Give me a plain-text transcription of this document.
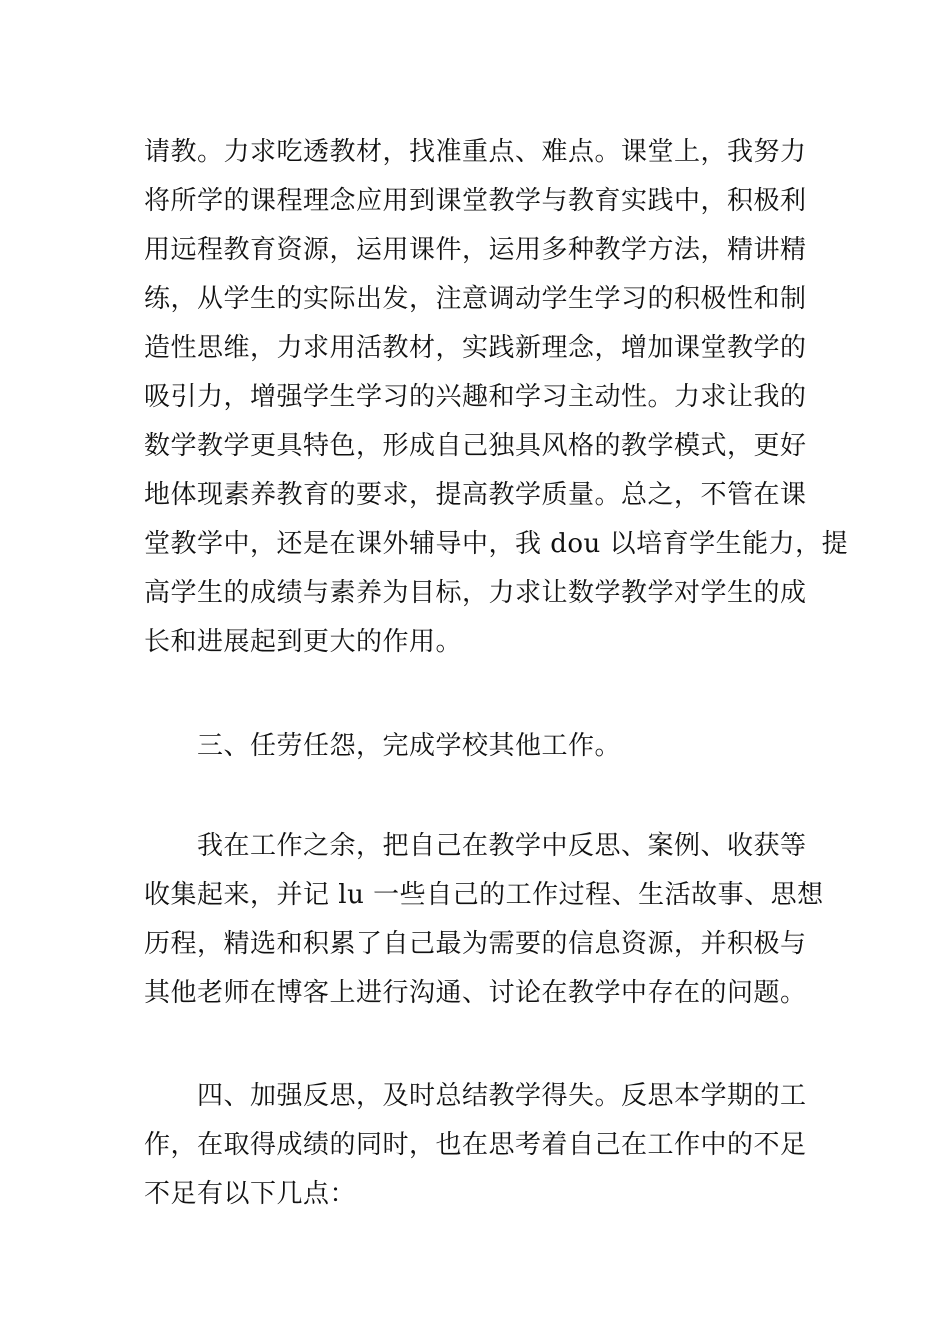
请教。力求吃透教材，找准重点、难点。课堂上，我努力
将所学的课程理念应用到课堂教学与教育实践中，积极利
用远程教育资源，运用课件，运用多种教学方法，精讲精
练，从学生的实际出发，注意调动学生学习的积极性和制
造性思维，力求用活教材，实践新理念，增加课堂教学的
吸引力，增强学生学习的兴趣和学习主动性。力求让我的
数学教学更具特色，形成自己独具风格的教学模式，更好
地体现素养教育的要求，提高教学质量。总之，不管在课
堂教学中，还是在课外辅导中，我 dou 以培育学生能力，提
高学生的成绩与素养为目标，力求让数学教学对学生的成
长和进展起到更大的作用。
三、任劳任怨，完成学校其他工作。
我在工作之余，把自己在教学中反思、案例、收获等
收集起来，并记 lu 一些自己的工作过程、生活故事、思想
历程，精选和积累了自己最为需要的信息资源，并积极与
其他老师在博客上进行沟通、讨论在教学中存在的问题。
四、加强反思，及时总结教学得失。反思本学期的工
作，在取得成绩的同时，也在思考着自己在工作中的不足
不足有以下几点：
